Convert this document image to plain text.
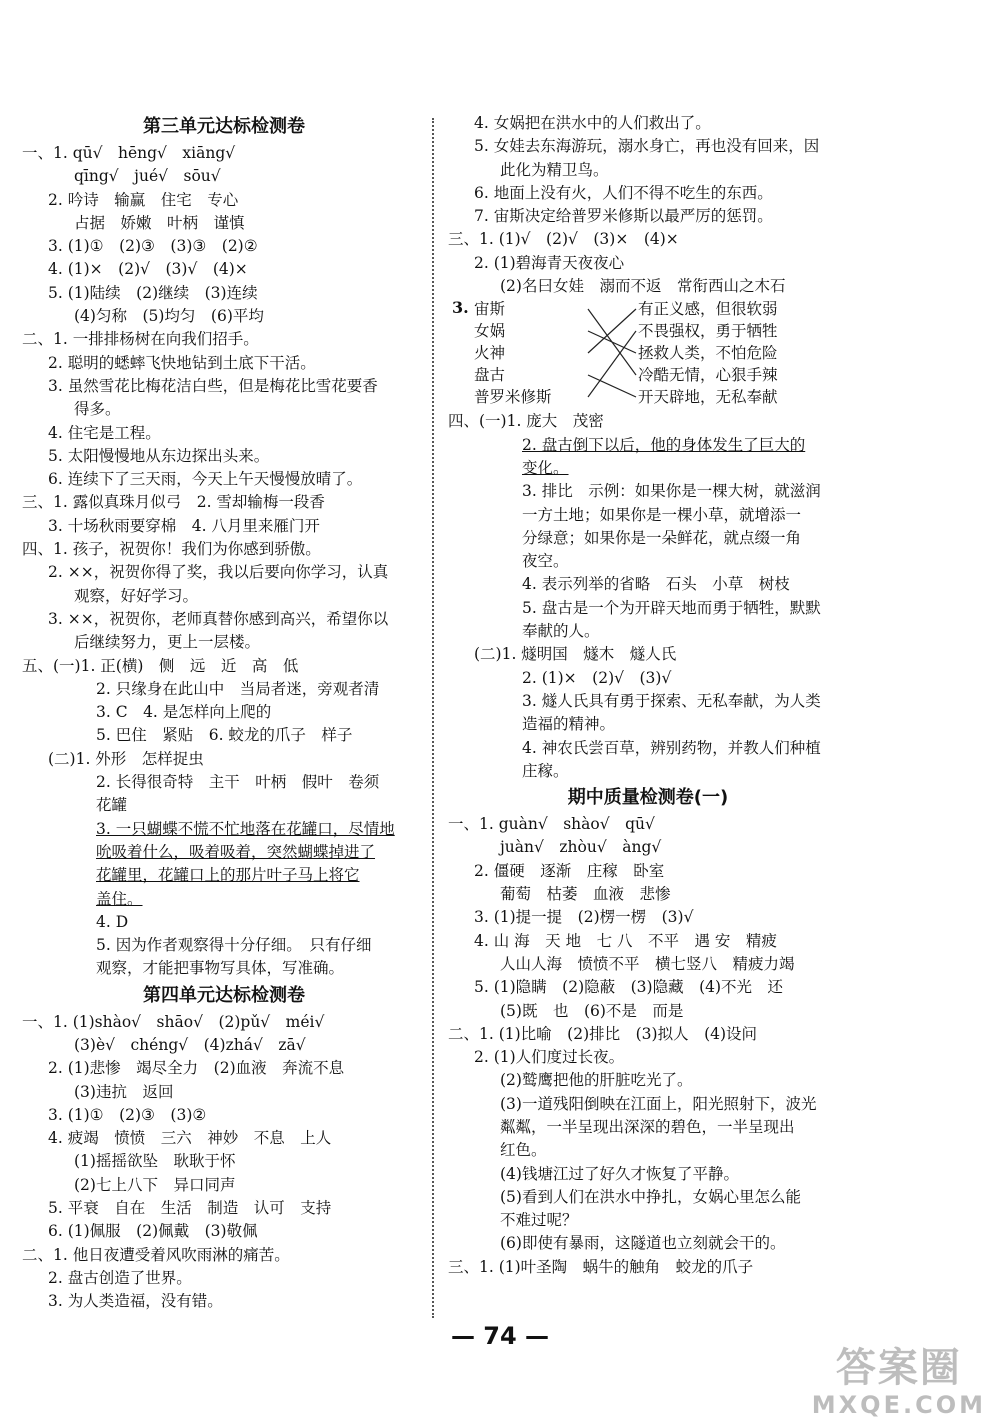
第三单元达标检测卷
一、1. qū√　hēng√　xiāng√
qīng√　jué√　sōu√
2. 吟诗　输赢　住宅　专心
占据　娇嫩　叶柄　谨慎
3. (1)①　(2)③　(3)③　(2)②
4. (1)×　(2)√　(3)√　(4)×
5. (1)陆续　(2)继续　(3)连续
(4)匀称　(5)均匀　(6)平均
二、1. 一排排杨树在向我们招手。
2. 聪明的蟋蟀飞快地钻到土底下干活。
3. 虽然雪花比梅花洁白些，但是梅花比雪花要香
得多。
4. 住宅是工程。
5. 太阳慢慢地从东边探出头来。
6. 连续下了三天雨，今天上午天慢慢放晴了。
三、1. 露似真珠月似弓　2. 雪却输梅一段香
3. 十场秋雨要穿棉　4. 八月里来雁门开
四、1. 孩子，祝贺你！我们为你感到骄傲。
2. ××，祝贺你得了奖，我以后要向你学习，认真
观察，好好学习。
3. ××，祝贺你，老师真替你感到高兴，希望你以
后继续努力，更上一层楼。
五、(一)1. 正(横)　侧　远　近　高　低
2. 只缘身在此山中　当局者迷，旁观者清
3. C　4. 是怎样向上爬的
5. 巴住　紧贴　6. 蛟龙的爪子　样子
(二)1. 外形　怎样捉虫
2. 长得很奇特　主干　叶柄　假叶　卷须
花罐
3. 一只蝴蝶不慌不忙地落在花罐口，尽情地
吮吸着什么，吸着吸着，突然蝴蝶掉进了
花罐里，花罐口上的那片叶子马上将它
盖住。
4. D
5. 因为作者观察得十分仔细。　只有仔细
观察，才能把事物写具体，写准确。
第四单元达标检测卷
一、1. (1)shào√　shāo√　(2)pǔ√　méi√
(3)è√　chéng√　(4)zhá√　zā√
2. (1)悲惨　竭尽全力　(2)血液　奔流不息
(3)违抗　返回
3. (1)①　(2)③　(3)②
4. 疲竭　愤愤　三六　神妙　不息　上人
(1)摇摇欲坠　耿耿于怀
(2)七上八下　异口同声
5. 平衰　自在　生活　制造　认可　支持
6. (1)佩服　(2)佩戴　(3)敬佩
二、1. 他日夜遭受着风吹雨淋的痛苦。
2. 盘古创造了世界。
3. 为人类造福，没有错。
4. 女娲把在洪水中的人们救出了。
5. 女娃去东海游玩，溺水身亡，再也没有回来，因
此化为精卫鸟。
6. 地面上没有火，人们不得不吃生的东西。
7. 宙斯决定给普罗米修斯以最严厉的惩罚。
三、1. (1)√　(2)√　(3)×　(4)×
2. (1)碧海青天夜夜心
(2)名曰女娃　溺而不返　常衔西山之木石
3. 宙斯
女娲
火神
盘古
普罗米修斯
有正义感，但很软弱
不畏强权，勇于牺牲
拯救人类，不怕危险
冷酷无情，心狠手辣
开天辟地，无私奉献
四、(一)1. 庞大　茂密
2. 盘古倒下以后，他的身体发生了巨大的
变化。
3. 排比　示例：如果你是一棵大树，就滋润
一方土地；如果你是一棵小草，就增添一
分绿意；如果你是一朵鲜花，就点缀一角
夜空。
4. 表示列举的省略　石头　小草　树枝
5. 盘古是一个为开辟天地而勇于牺牲，默默
奉献的人。
(二)1. 燧明国　燧木　燧人氏
2. (1)×　(2)√　(3)√
3. 燧人氏具有勇于探索、无私奉献，为人类
造福的精神。
4. 神农氏尝百草，辨别药物，并教人们种植
庄稼。
期中质量检测卷(一)
一、1. guàn√　shào√　qū√
juàn√　zhòu√　àng√
2. 僵硬　逐渐　庄稼　卧室
葡萄　枯萎　血液　悲惨
3. (1)提一提　(2)楞一楞　(3)√
4. 山 海　天 地　七 八　不平　遇 安　精疲
人山人海　愤愤不平　横七竖八　精疲力竭
5. (1)隐瞒　(2)隐蔽　(3)隐藏　(4)不光　还
(5)既　也　(6)不是　而是
二、1. (1)比喻　(2)排比　(3)拟人　(4)设问
2. (1)人们度过长夜。
(2)鹫鹰把他的肝脏吃光了。
(3)一道残阳倒映在江面上，阳光照射下，波光
粼粼，一半呈现出深深的碧色，一半呈现出
红色。
(4)钱塘江过了好久才恢复了平静。
(5)看到人们在洪水中挣扎，女娲心里怎么能
不难过呢？
(6)即使有暴雨，这隧道也立刻就会干的。
三、1. (1)叶圣陶　蜗牛的触角　蛟龙的爪子
— 74 —
答案圈
MXQE.COM
